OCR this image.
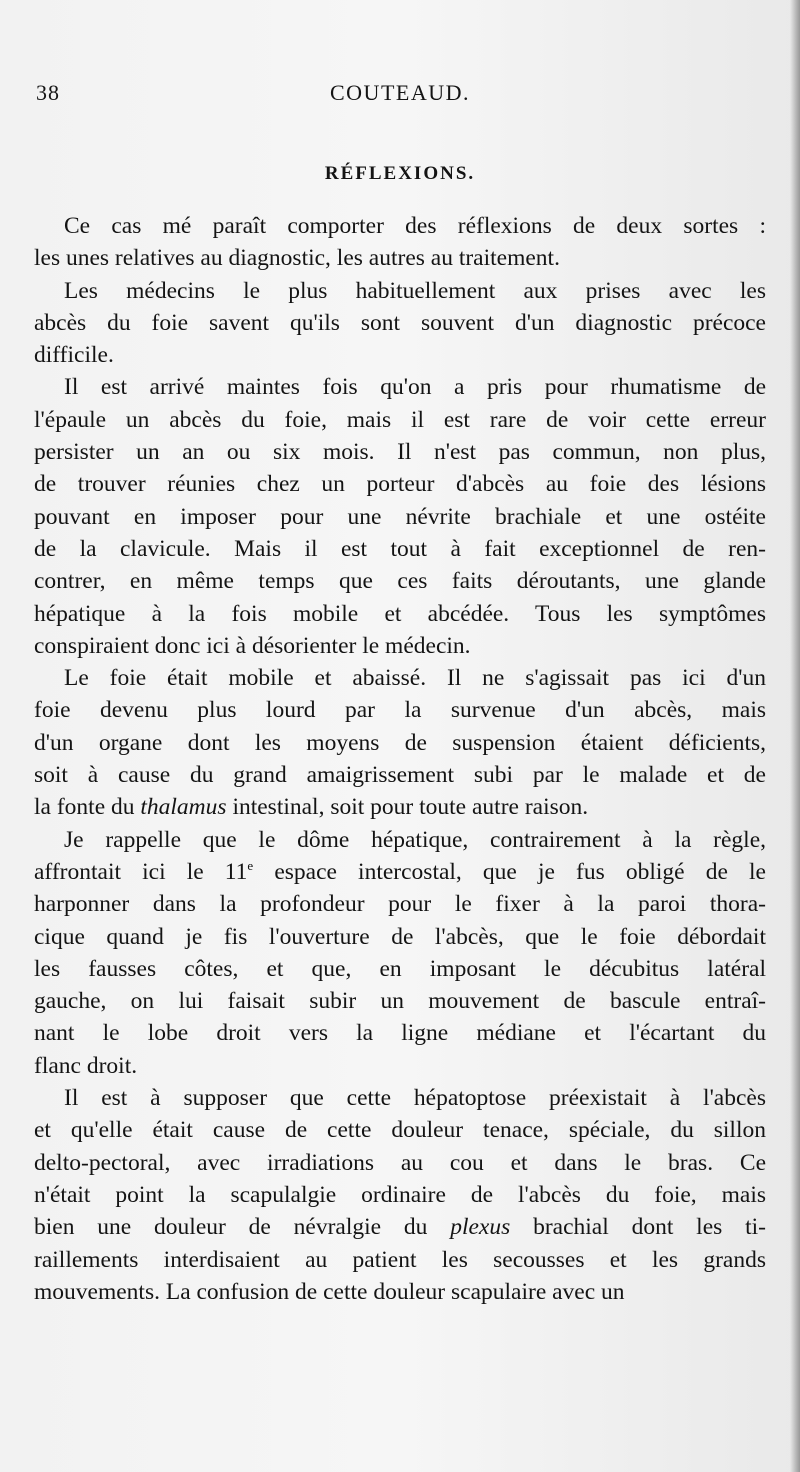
38	COUTEAUD.
RÉFLEXIONS.

Ce cas mé paraît comporter des réflexions de deux sortes :
les unes relatives au diagnostic, les autres au traitement.

Les médecins le plus habituellement aux prises avec les
abcès du foie savent qu'ils sont souvent d'un diagnostic précoce
difficile.

Il est arrivé maintes fois qu'on a pris pour rhumatisme de
l'épaule un abcès du foie, mais il est rare de voir cette erreur
persister un an ou six mois. Il n'est pas commun, non plus,
de trouver réunies chez un porteur d'abcès au foie des lésions
pouvant en imposer pour une névrite brachiale et une ostéite
de la clavicule. Mais il est tout à fait exceptionnel de ren-
contrer, en même temps que ces faits déroutants, une glande
hépatique à la fois mobile et abcédée. Tous les symptômes
conspiraient donc ici à désorienter le médecin.

Le foie était mobile et abaissé. Il ne s'agissait pas ici d'un
foie devenu plus lourd par la survenue d'un abcès, mais
d'un organe dont les moyens de suspension étaient déficients,
soit à cause du grand amaigrissement subi par le malade et de
la fonte du thalamus intestinal, soit pour toute autre raison.

Je rappelle que le dôme hépatique, contrairement à la règle,
affrontait ici le 11e espace intercostal, que je fus obligé de le
harponner dans la profondeur pour le fixer à la paroi thora-
cique quand je fis l'ouverture de l'abcès, que le foie débordait
les fausses côtes, et que, en imposant le décubitus latéral
gauche, on lui faisait subir un mouvement de bascule entraî-
nant le lobe droit vers la ligne médiane et l'écartant du
flanc droit.

Il est à supposer que cette hépatoptose préexistait à l'abcès
et qu'elle était cause de cette douleur tenace, spéciale, du sillon
delto-pectoral, avec irradiations au cou et dans le bras. Ce
n'était point la scapulalgie ordinaire de l'abcès du foie, mais
bien une douleur de névralgie du plexus brachial dont les ti-
raillements interdisaient au patient les secousses et les grands
mouvements. La confusion de cette douleur scapulaire avec un
